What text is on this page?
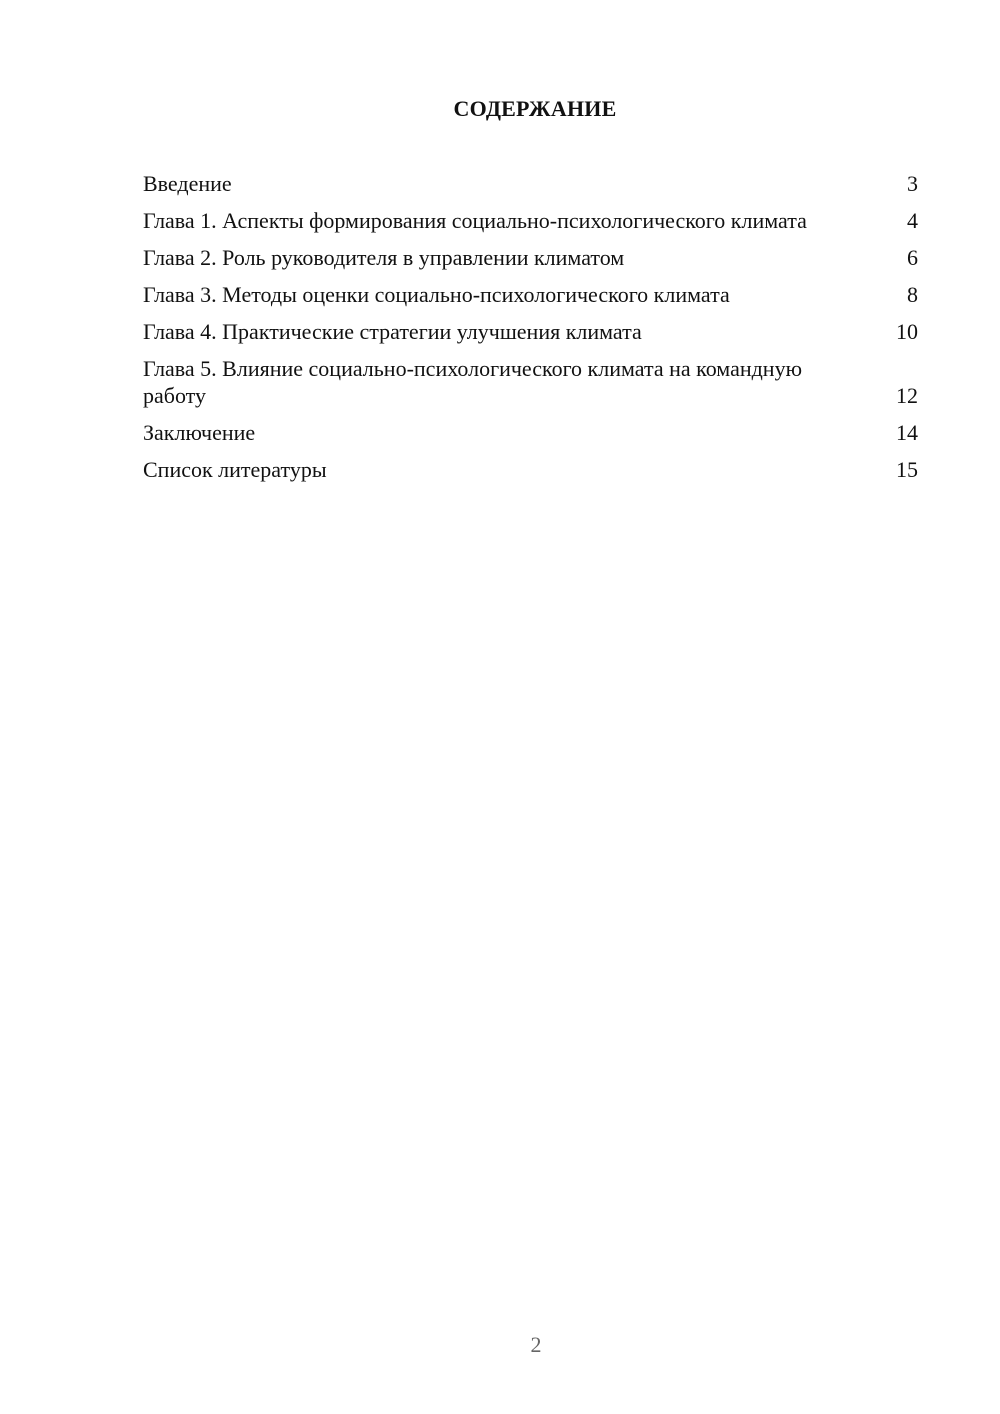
СОДЕРЖАНИЕ
Введение	3
Глава 1. Аспекты формирования социально-психологического климата	4
Глава 2. Роль руководителя в управлении климатом	6
Глава 3. Методы оценки социально-психологического климата	8
Глава 4. Практические стратегии улучшения климата	10
Глава 5. Влияние социально-психологического климата на командную работу	12
Заключение	14
Список литературы	15
2
